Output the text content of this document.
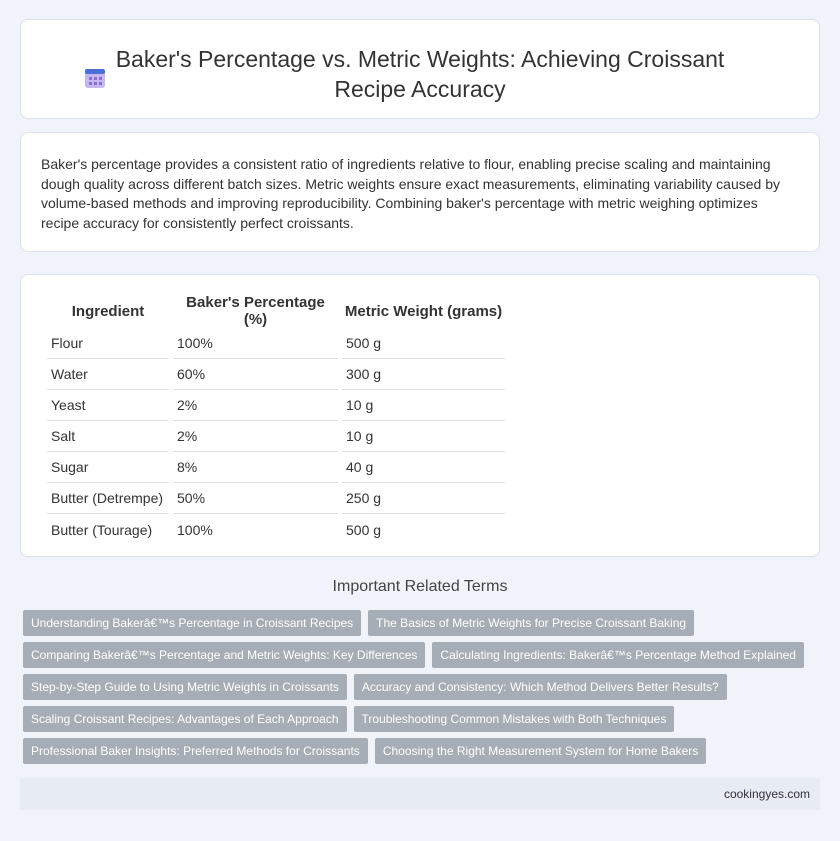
Baker's Percentage vs. Metric Weights: Achieving Croissant Recipe Accuracy

Baker's percentage provides a consistent ratio of ingredients relative to flour, enabling precise scaling and maintaining dough quality across different batch sizes. Metric weights ensure exact measurements, eliminating variability caused by volume-based methods and improving reproducibility. Combining baker's percentage with metric weighing optimizes recipe accuracy for consistently perfect croissants.

Ingredient	Baker's Percentage (%)	Metric Weight (grams)
Flour	100%	500 g
Water	60%	300 g
Yeast	2%	10 g
Salt	2%	10 g
Sugar	8%	40 g
Butter (Detrempe)	50%	250 g
Butter (Tourage)	100%	500 g
Important Related Terms
Understanding Bakerâ€™s Percentage in Croissant Recipes	The Basics of Metric Weights for Precise Croissant Baking
Comparing Bakerâ€™s Percentage and Metric Weights: Key Differences	Calculating Ingredients: Bakerâ€™s Percentage Method Explained
Step-by-Step Guide to Using Metric Weights in Croissants	Accuracy and Consistency: Which Method Delivers Better Results?
Scaling Croissant Recipes: Advantages of Each Approach	Troubleshooting Common Mistakes with Both Techniques
Professional Baker Insights: Preferred Methods for Croissants	Choosing the Right Measurement System for Home Bakers
cookingyes.com
